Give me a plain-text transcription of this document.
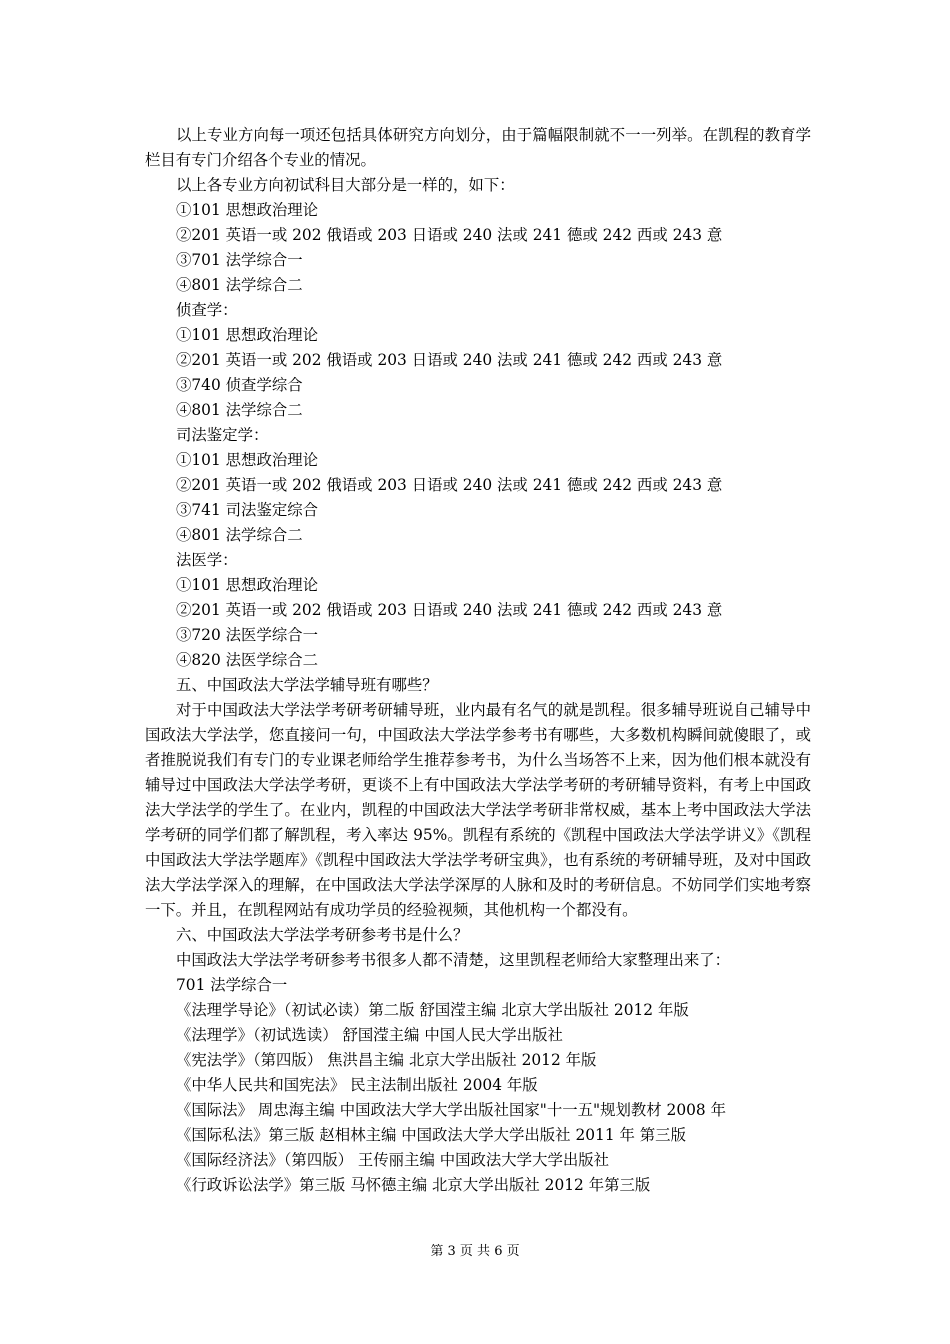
以上专业方向每一项还包括具体研究方向划分，由于篇幅限制就不一一列举。在凯程的教育学栏目有专门介绍各个专业的情况。

以上各专业方向初试科目大部分是一样的，如下：

①101 思想政治理论

②201 英语一或 202 俄语或 203 日语或 240 法或 241 德或 242 西或 243 意

③701 法学综合一

④801 法学综合二

侦查学：

①101 思想政治理论

②201 英语一或 202 俄语或 203 日语或 240 法或 241 德或 242 西或 243 意

③740 侦查学综合

④801 法学综合二

司法鉴定学：

①101 思想政治理论

②201 英语一或 202 俄语或 203 日语或 240 法或 241 德或 242 西或 243 意

③741 司法鉴定综合

④801 法学综合二

法医学：

①101 思想政治理论

②201 英语一或 202 俄语或 203 日语或 240 法或 241 德或 242 西或 243 意

③720 法医学综合一

④820 法医学综合二

五、中国政法大学法学辅导班有哪些？

对于中国政法大学法学考研考研辅导班，业内最有名气的就是凯程。很多辅导班说自己辅导中国政法大学法学，您直接问一句，中国政法大学法学参考书有哪些，大多数机构瞬间就傻眼了，或者推脱说我们有专门的专业课老师给学生推荐参考书，为什么当场答不上来，因为他们根本就没有辅导过中国政法大学法学考研，更谈不上有中国政法大学法学考研的考研辅导资料，有考上中国政法大学法学的学生了。在业内，凯程的中国政法大学法学考研非常权威，基本上考中国政法大学法学考研的同学们都了解凯程，考入率达 95%。凯程有系统的《凯程中国政法大学法学讲义》《凯程中国政法大学法学题库》《凯程中国政法大学法学考研宝典》，也有系统的考研辅导班，及对中国政法大学法学深入的理解，在中国政法大学法学深厚的人脉和及时的考研信息。不妨同学们实地考察一下。并且，在凯程网站有成功学员的经验视频，其他机构一个都没有。

六、中国政法大学法学考研参考书是什么？

中国政法大学法学考研参考书很多人都不清楚，这里凯程老师给大家整理出来了：

701 法学综合一

《法理学导论》（初试必读）第二版 舒国滢主编 北京大学出版社 2012 年版

《法理学》（初试选读） 舒国滢主编 中国人民大学出版社

《宪法学》（第四版） 焦洪昌主编 北京大学出版社 2012 年版

《中华人民共和国宪法》 民主法制出版社 2004 年版

《国际法》 周忠海主编 中国政法大学大学出版社国家"十一五"规划教材 2008 年

《国际私法》第三版 赵相林主编 中国政法大学大学出版社 2011 年 第三版

《国际经济法》（第四版） 王传丽主编 中国政法大学大学出版社

《行政诉讼法学》第三版 马怀德主编 北京大学出版社 2012 年第三版

第 3 页 共 6 页
